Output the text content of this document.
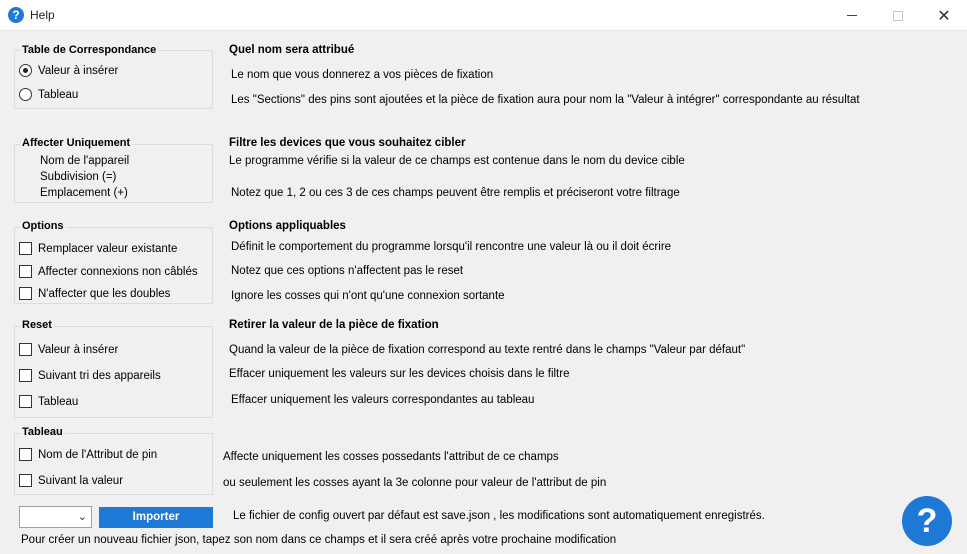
? Help	✕
Table de Correspondance
Valeur à insérer
Tableau
Affecter Uniquement
Nom de l'appareil
Subdivision (=)
Emplacement (+)
Options
Remplacer valeur existante
Affecter connexions non câblés
N'affecter que les doubles
Reset
Valeur à insérer
Suivant tri des appareils
Tableau
Tableau
Nom de l'Attribut de pin
Suivant la valeur
Quel nom sera attribué
Le nom que vous donnerez a vos pièces de fixation
Les "Sections" des pins sont ajoutées et la pièce de fixation aura pour nom la "Valeur à intégrer" correspondante au résultat
Filtre les devices que vous souhaitez cibler
Le programme vérifie si la valeur de ce champs est contenue dans le nom du device cible
Notez que 1, 2 ou ces 3 de ces champs peuvent être remplis et préciseront votre filtrage
Options appliquables
Définit le comportement du programme lorsqu'il rencontre une valeur là ou il doit écrire
Notez que ces options n'affectent pas le reset
Ignore les cosses qui n'ont qu'une connexion sortante
Retirer la valeur de la pièce de fixation
Quand la valeur de la pièce de fixation correspond au texte rentré dans le champs "Valeur par défaut"
Effacer uniquement les valeurs sur les devices choisis dans le filtre
Effacer uniquement les valeurs correspondantes au tableau
Affecte uniquement les cosses possedants l'attribut de ce champs
ou seulement les cosses ayant la 3e colonne pour valeur de l'attribut de pin
⌄	Importer	Le fichier de config ouvert par défaut est save.json , les modifications sont automatiquement enregistrés.
Pour créer un nouveau fichier json, tapez son nom dans ce champs et il sera créé après votre prochaine modification	?
